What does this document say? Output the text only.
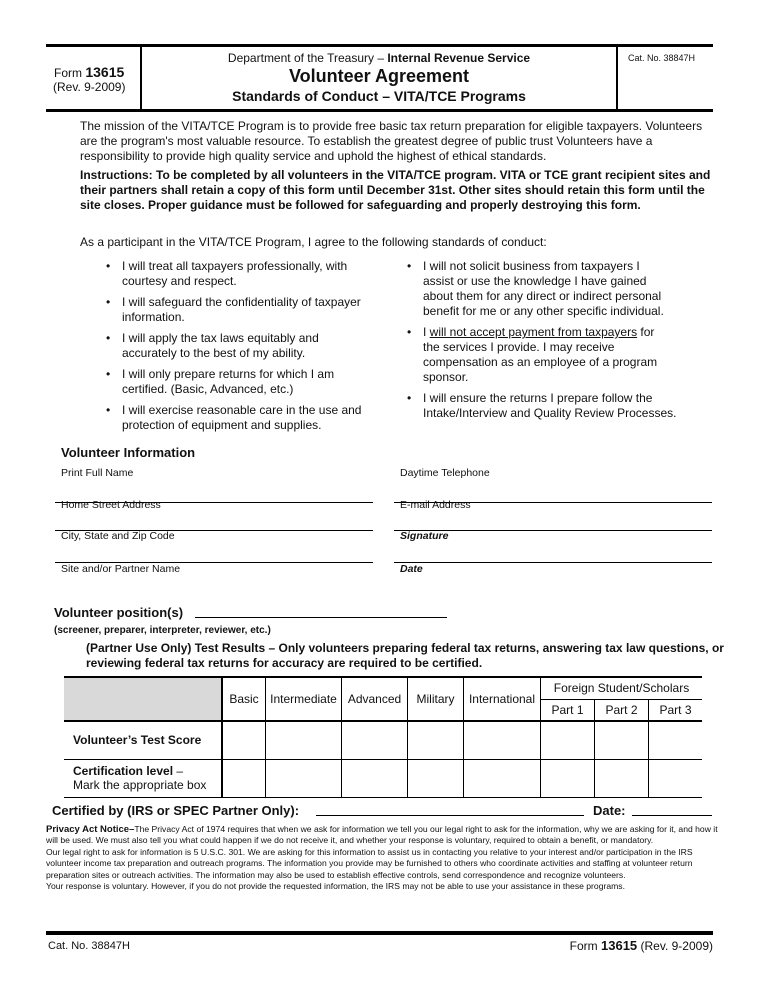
Form 13615
(Rev. 9-2009)
Department of the Treasury – Internal Revenue Service
Volunteer Agreement
Standards of Conduct – VITA/TCE Programs
Cat. No. 38847H
The mission of the VITA/TCE Program is to provide free basic tax return preparation for eligible taxpayers. Volunteers are the program's most valuable resource. To establish the greatest degree of public trust Volunteers have a responsibility to provide high quality service and uphold the highest of ethical standards.
Instructions: To be completed by all volunteers in the VITA/TCE program. VITA or TCE grant recipient sites and their partners shall retain a copy of this form until December 31st. Other sites should retain this form until the site closes. Proper guidance must be followed for safeguarding and properly destroying this form.
As a participant in the VITA/TCE Program, I agree to the following standards of conduct:
• I will treat all taxpayers professionally, with courtesy and respect.
• I will safeguard the confidentiality of taxpayer information.
• I will apply the tax laws equitably and accurately to the best of my ability.
• I will only prepare returns for which I am certified. (Basic, Advanced, etc.)
• I will exercise reasonable care in the use and protection of equipment and supplies.
• I will not solicit business from taxpayers I assist or use the knowledge I have gained about them for any direct or indirect personal benefit for me or any other specific individual.
• I will not accept payment from taxpayers for the services I provide. I may receive compensation as an employee of a program sponsor.
• I will ensure the returns I prepare follow the Intake/Interview and Quality Review Processes.
Volunteer Information
Print Full Name
Home Street Address
City, State and Zip Code
Site and/or Partner Name
Daytime Telephone
E-mail Address
Signature
Date
Volunteer position(s)
(screener, preparer, interpreter, reviewer, etc.)
(Partner Use Only) Test Results – Only volunteers preparing federal tax returns, answering tax law questions, or reviewing federal tax returns for accuracy are required to be certified.
	Basic	Intermediate	Advanced	Military	International	Foreign Student/Scholars		
						Part 1	Part 2	Part 3
Volunteer’s Test Score								
Certification level –
Mark the appropriate box								
Certified by (IRS or SPEC Partner Only):	Date:

Privacy Act Notice–The Privacy Act of 1974 requires that when we ask for information we tell you our legal right to ask for the information, why we are asking for it, and how it will be used. We must also tell you what could happen if we do not receive it, and whether your response is voluntary, required to obtain a benefit, or mandatory.

Our legal right to ask for information is 5 U.S.C. 301. We are asking for this information to assist us in contacting you relative to your interest and/or participation in the IRS volunteer income tax preparation and outreach programs. The information you provide may be furnished to others who coordinate activities and staffing at volunteer return preparation sites or outreach activities. The information may also be used to establish effective controls, send correspondence and recognize volunteers.

Your response is voluntary. However, if you do not provide the requested information, the IRS may not be able to use your assistance in these programs.

Cat. No. 38847H	Form 13615 (Rev. 9-2009)
